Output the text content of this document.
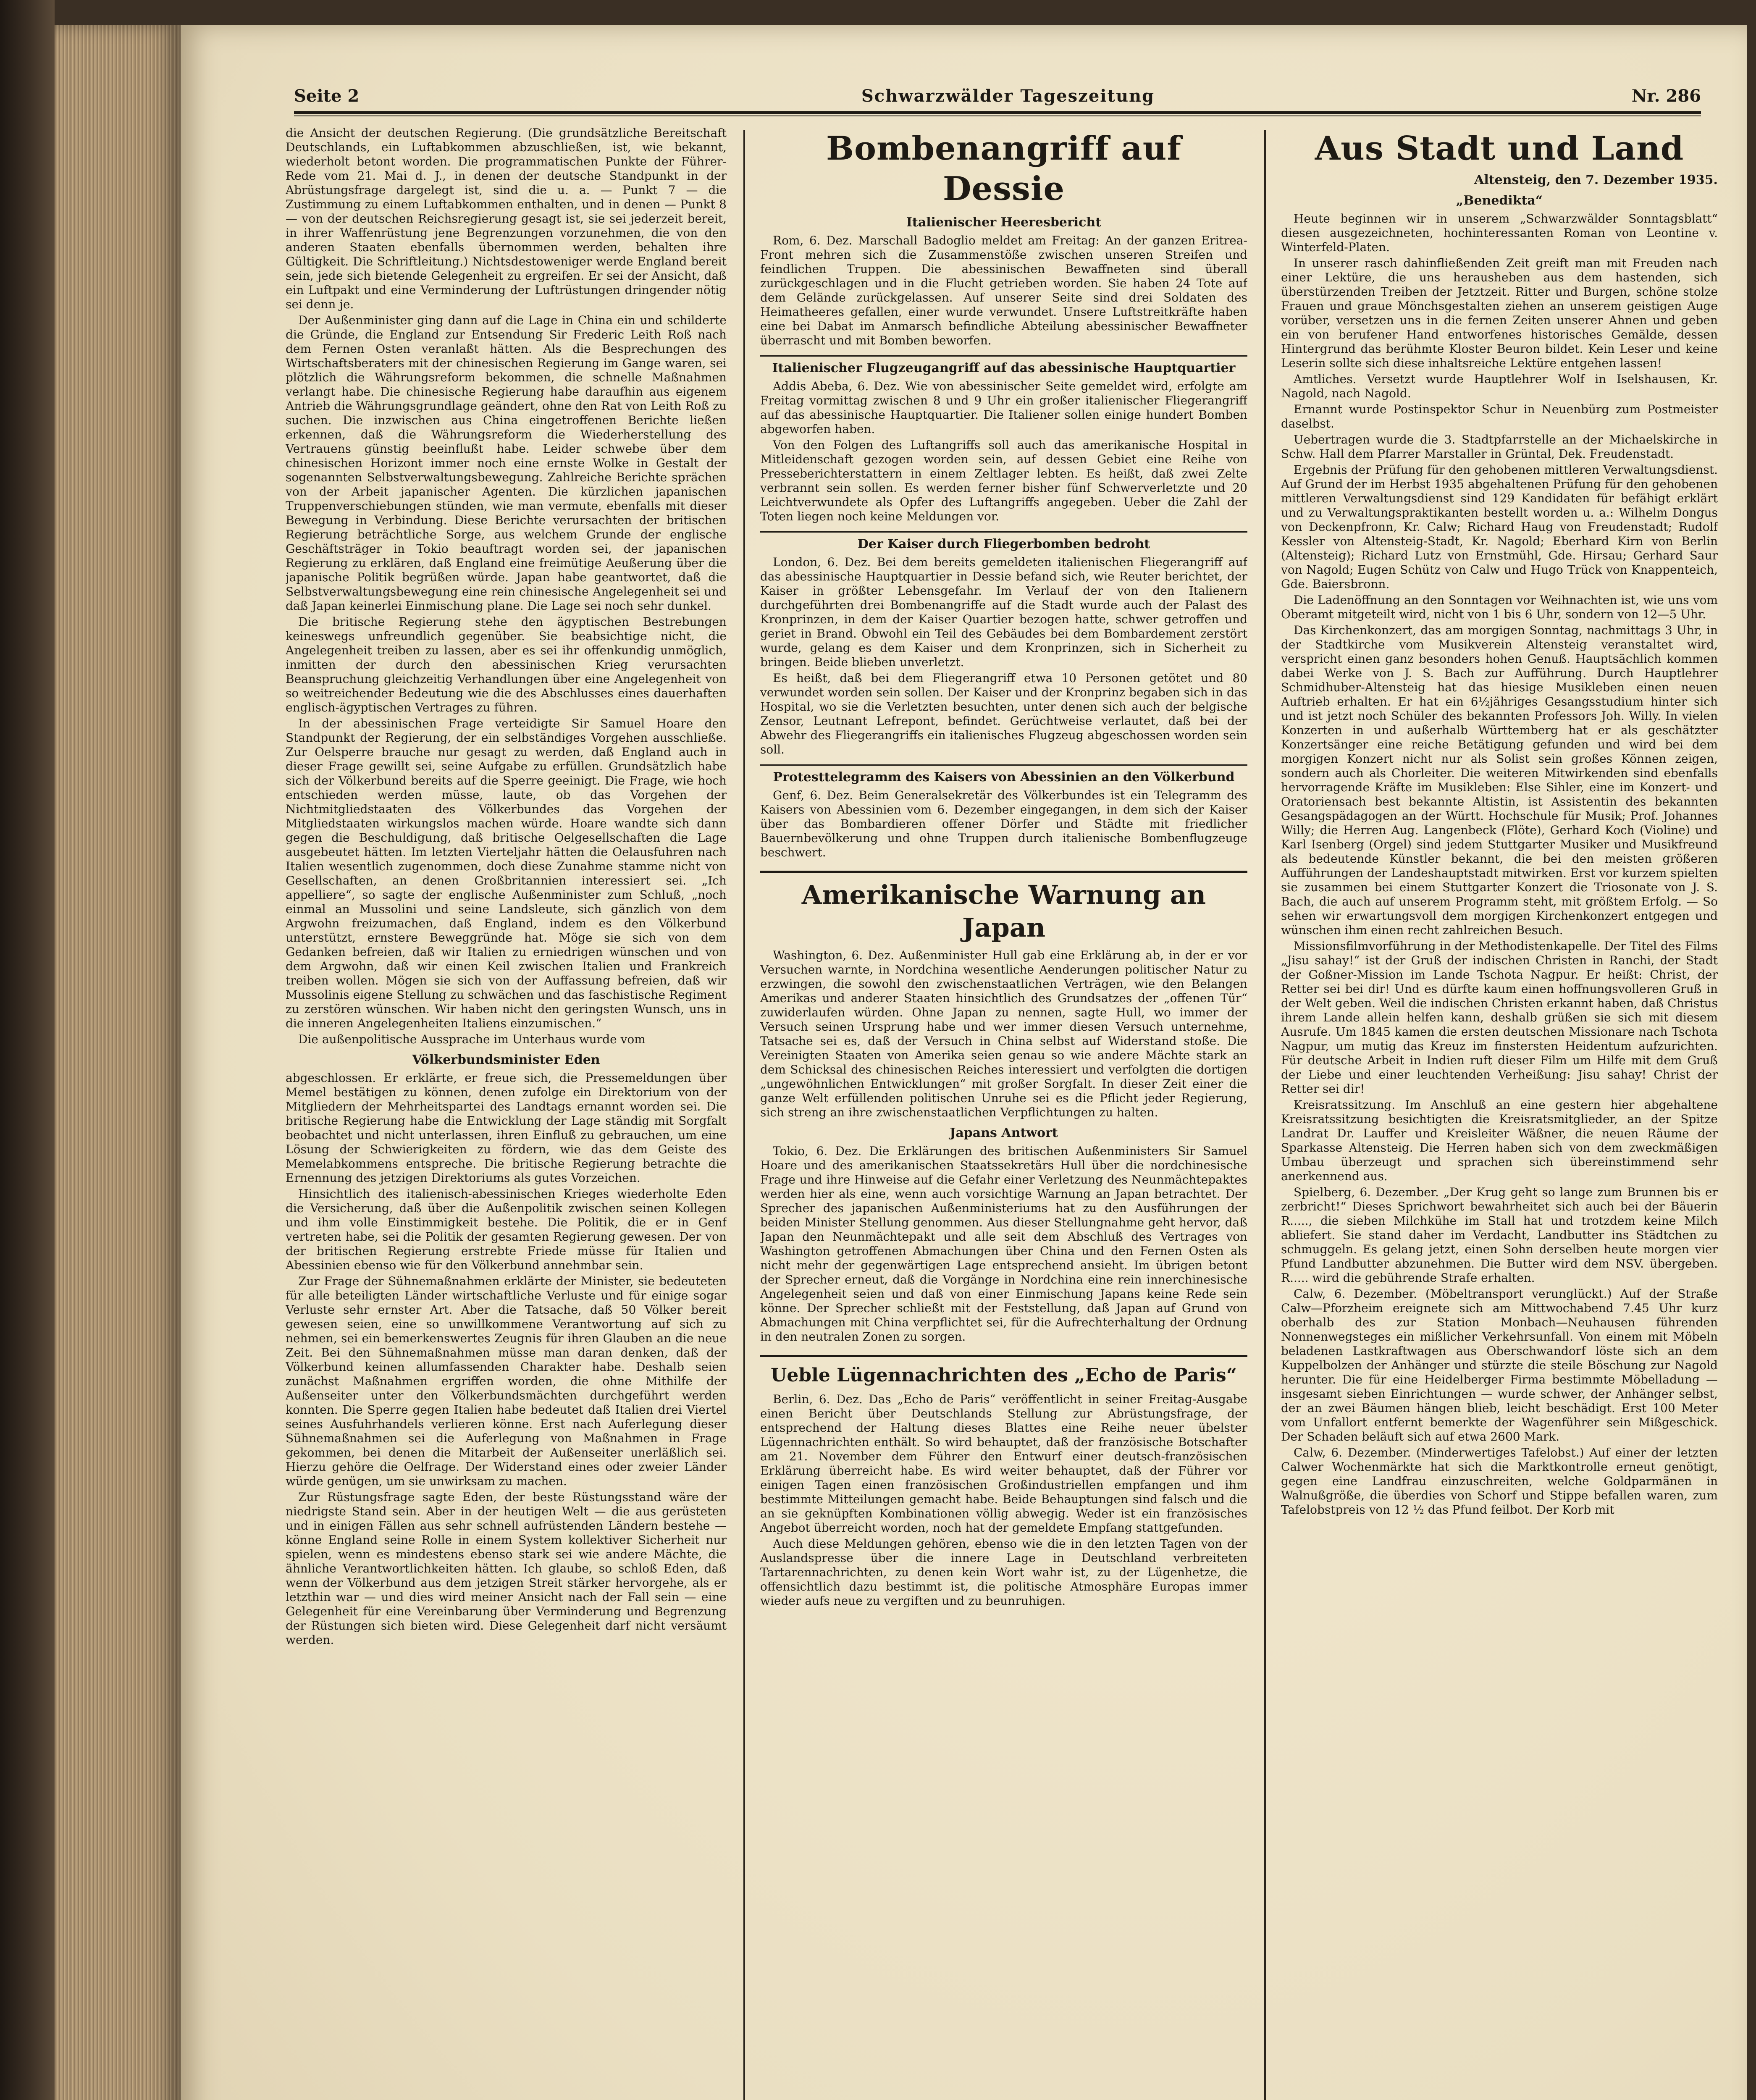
Seite 2	Schwarzwälder Tageszeitung	Nr. 286

die Ansicht der deutschen Regierung. (Die grundsätzliche Bereitschaft Deutschlands, ein Luftabkommen abzuschließen, ist, wie bekannt, wiederholt betont worden. Die programmatischen Punkte der Führer-Rede vom 21. Mai d. J., in denen der deutsche Standpunkt in der Abrüstungsfrage dargelegt ist, sind die u. a. — Punkt 7 — die Zustimmung zu einem Luftabkommen enthalten, und in denen — Punkt 8 — von der deutschen Reichsregierung gesagt ist, sie sei jederzeit bereit, in ihrer Waffenrüstung jene Begrenzungen vorzunehmen, die von den anderen Staaten ebenfalls übernommen werden, behalten ihre Gültigkeit. Die Schriftleitung.) Nichtsdestoweniger werde England bereit sein, jede sich bietende Gelegenheit zu ergreifen. Er sei der Ansicht, daß ein Luftpakt und eine Verminderung der Luftrüstungen dringender nötig sei denn je.

Der Außenminister ging dann auf die Lage in China ein und schilderte die Gründe, die England zur Entsendung Sir Frederic Leith Roß nach dem Fernen Osten veranlaßt hätten. Als die Besprechungen des Wirtschaftsberaters mit der chinesischen Regierung im Gange waren, sei plötzlich die Währungsreform bekommen, die schnelle Maßnahmen verlangt habe. Die chinesische Regierung habe daraufhin aus eigenem Antrieb die Währungsgrundlage geändert, ohne den Rat von Leith Roß zu suchen. Die inzwischen aus China eingetroffenen Berichte ließen erkennen, daß die Währungsreform die Wiederherstellung des Vertrauens günstig beeinflußt habe. Leider schwebe über dem chinesischen Horizont immer noch eine ernste Wolke in Gestalt der sogenannten Selbstverwaltungsbewegung. Zahlreiche Berichte sprächen von der Arbeit japanischer Agenten. Die kürzlichen japanischen Truppenverschiebungen stünden, wie man vermute, ebenfalls mit dieser Bewegung in Verbindung. Diese Berichte verursachten der britischen Regierung beträchtliche Sorge, aus welchem Grunde der englische Geschäftsträger in Tokio beauftragt worden sei, der japanischen Regierung zu erklären, daß England eine freimütige Aeußerung über die japanische Politik begrüßen würde. Japan habe geantwortet, daß die Selbstverwaltungsbewegung eine rein chinesische Angelegenheit sei und daß Japan keinerlei Einmischung plane. Die Lage sei noch sehr dunkel.

Die britische Regierung stehe den ägyptischen Bestrebungen keineswegs unfreundlich gegenüber. Sie beabsichtige nicht, die Angelegenheit treiben zu lassen, aber es sei ihr offenkundig unmöglich, inmitten der durch den abessinischen Krieg verursachten Beanspruchung gleichzeitig Verhandlungen über eine Angelegenheit von so weitreichender Bedeutung wie die des Abschlusses eines dauerhaften englisch-ägyptischen Vertrages zu führen.

In der abessinischen Frage verteidigte Sir Samuel Hoare den Standpunkt der Regierung, der ein selbständiges Vorgehen ausschließe. Zur Oelsperre brauche nur gesagt zu werden, daß England auch in dieser Frage gewillt sei, seine Aufgabe zu erfüllen. Grundsätzlich habe sich der Völkerbund bereits auf die Sperre geeinigt. Die Frage, wie hoch entschieden werden müsse, laute, ob das Vorgehen der Nichtmitgliedstaaten des Völkerbundes das Vorgehen der Mitgliedstaaten wirkungslos machen würde. Hoare wandte sich dann gegen die Beschuldigung, daß britische Oelgesellschaften die Lage ausgebeutet hätten. Im letzten Vierteljahr hätten die Oelausfuhren nach Italien wesentlich zugenommen, doch diese Zunahme stamme nicht von Gesellschaften, an denen Großbritannien interessiert sei. „Ich appelliere“, so sagte der englische Außenminister zum Schluß, „noch einmal an Mussolini und seine Landsleute, sich gänzlich von dem Argwohn freizumachen, daß England, indem es den Völkerbund unterstützt, ernstere Beweggründe hat. Möge sie sich von dem Gedanken befreien, daß wir Italien zu erniedrigen wünschen und von dem Argwohn, daß wir einen Keil zwischen Italien und Frankreich treiben wollen. Mögen sie sich von der Auffassung befreien, daß wir Mussolinis eigene Stellung zu schwächen und das faschistische Regiment zu zerstören wünschen. Wir haben nicht den geringsten Wunsch, uns in die inneren Angelegenheiten Italiens einzumischen.“

Die außenpolitische Aussprache im Unterhaus wurde vom

Völkerbundsminister Eden

abgeschlossen. Er erklärte, er freue sich, die Pressemeldungen über Memel bestätigen zu können, denen zufolge ein Direktorium von der Mitgliedern der Mehrheitspartei des Landtags ernannt worden sei. Die britische Regierung habe die Entwicklung der Lage ständig mit Sorgfalt beobachtet und nicht unterlassen, ihren Einfluß zu gebrauchen, um eine Lösung der Schwierigkeiten zu fördern, wie das dem Geiste des Memelabkommens entspreche. Die britische Regierung betrachte die Ernennung des jetzigen Direktoriums als gutes Vorzeichen.

Hinsichtlich des italienisch-abessinischen Krieges wiederholte Eden die Versicherung, daß über die Außenpolitik zwischen seinen Kollegen und ihm volle Einstimmigkeit bestehe. Die Politik, die er in Genf vertreten habe, sei die Politik der gesamten Regierung gewesen. Der von der britischen Regierung erstrebte Friede müsse für Italien und Abessinien ebenso wie für den Völkerbund annehmbar sein.

Zur Frage der Sühnemaßnahmen erklärte der Minister, sie bedeuteten für alle beteiligten Länder wirtschaftliche Verluste und für einige sogar Verluste sehr ernster Art. Aber die Tatsache, daß 50 Völker bereit gewesen seien, eine so unwillkommene Verantwortung auf sich zu nehmen, sei ein bemerkenswertes Zeugnis für ihren Glauben an die neue Zeit. Bei den Sühnemaßnahmen müsse man daran denken, daß der Völkerbund keinen allumfassenden Charakter habe. Deshalb seien zunächst Maßnahmen ergriffen worden, die ohne Mithilfe der Außenseiter unter den Völkerbundsmächten durchgeführt werden konnten. Die Sperre gegen Italien habe bedeutet daß Italien drei Viertel seines Ausfuhrhandels verlieren könne. Erst nach Auferlegung dieser Sühnemaßnahmen sei die Auferlegung von Maßnahmen in Frage gekommen, bei denen die Mitarbeit der Außenseiter unerläßlich sei. Hierzu gehöre die Oelfrage. Der Widerstand eines oder zweier Länder würde genügen, um sie unwirksam zu machen.

Zur Rüstungsfrage sagte Eden, der beste Rüstungsstand wäre der niedrigste Stand sein. Aber in der heutigen Welt — die aus gerüsteten und in einigen Fällen aus sehr schnell aufrüstenden Ländern bestehe — könne England seine Rolle in einem System kollektiver Sicherheit nur spielen, wenn es mindestens ebenso stark sei wie andere Mächte, die ähnliche Verantwortlichkeiten hätten. Ich glaube, so schloß Eden, daß wenn der Völkerbund aus dem jetzigen Streit stärker hervorgehe, als er letzthin war — und dies wird meiner Ansicht nach der Fall sein — eine Gelegenheit für eine Vereinbarung über Verminderung und Begrenzung der Rüstungen sich bieten wird. Diese Gelegenheit darf nicht versäumt werden.

Bombenangriff auf Dessie
Italienischer Heeresbericht

Rom, 6. Dez. Marschall Badoglio meldet am Freitag: An der ganzen Eritrea-Front mehren sich die Zusammenstöße zwischen unseren Streifen und feindlichen Truppen. Die abessinischen Bewaffneten sind überall zurückgeschlagen und in die Flucht getrieben worden. Sie haben 24 Tote auf dem Gelände zurückgelassen. Auf unserer Seite sind drei Soldaten des Heimatheeres gefallen, einer wurde verwundet. Unsere Luftstreitkräfte haben eine bei Dabat im Anmarsch befindliche Abteilung abessinischer Bewaffneter überrascht und mit Bomben beworfen.

Italienischer Flugzeugangriff auf das abessinische Hauptquartier

Addis Abeba, 6. Dez. Wie von abessinischer Seite gemeldet wird, erfolgte am Freitag vormittag zwischen 8 und 9 Uhr ein großer italienischer Fliegerangriff auf das abessinische Hauptquartier. Die Italiener sollen einige hundert Bomben abgeworfen haben.

Von den Folgen des Luftangriffs soll auch das amerikanische Hospital in Mitleidenschaft gezogen worden sein, auf dessen Gebiet eine Reihe von Presseberichterstattern in einem Zeltlager lebten. Es heißt, daß zwei Zelte verbrannt sein sollen. Es werden ferner bisher fünf Schwerverletzte und 20 Leichtverwundete als Opfer des Luftangriffs angegeben. Ueber die Zahl der Toten liegen noch keine Meldungen vor.

Der Kaiser durch Fliegerbomben bedroht

London, 6. Dez. Bei dem bereits gemeldeten italienischen Fliegerangriff auf das abessinische Hauptquartier in Dessie befand sich, wie Reuter berichtet, der Kaiser in größter Lebensgefahr. Im Verlauf der von den Italienern durchgeführten drei Bombenangriffe auf die Stadt wurde auch der Palast des Kronprinzen, in dem der Kaiser Quartier bezogen hatte, schwer getroffen und geriet in Brand. Obwohl ein Teil des Gebäudes bei dem Bombardement zerstört wurde, gelang es dem Kaiser und dem Kronprinzen, sich in Sicherheit zu bringen. Beide blieben unverletzt.

Es heißt, daß bei dem Fliegerangriff etwa 10 Personen getötet und 80 verwundet worden sein sollen. Der Kaiser und der Kronprinz begaben sich in das Hospital, wo sie die Verletzten besuchten, unter denen sich auch der belgische Zensor, Leutnant Lefrepont, befindet. Gerüchtweise verlautet, daß bei der Abwehr des Fliegerangriffs ein italienisches Flugzeug abgeschossen worden sein soll.

Protesttelegramm des Kaisers von Abessinien an den Völkerbund

Genf, 6. Dez. Beim Generalsekretär des Völkerbundes ist ein Telegramm des Kaisers von Abessinien vom 6. Dezember eingegangen, in dem sich der Kaiser über das Bombardieren offener Dörfer und Städte mit friedlicher Bauernbevölkerung und ohne Truppen durch italienische Bombenflugzeuge beschwert.

Amerikanische Warnung an Japan

Washington, 6. Dez. Außenminister Hull gab eine Erklärung ab, in der er vor Versuchen warnte, in Nordchina wesentliche Aenderungen politischer Natur zu erzwingen, die sowohl den zwischenstaatlichen Verträgen, wie den Belangen Amerikas und anderer Staaten hinsichtlich des Grundsatzes der „offenen Tür“ zuwiderlaufen würden. Ohne Japan zu nennen, sagte Hull, wo immer der Versuch seinen Ursprung habe und wer immer diesen Versuch unternehme, Tatsache sei es, daß der Versuch in China selbst auf Widerstand stoße. Die Vereinigten Staaten von Amerika seien genau so wie andere Mächte stark an dem Schicksal des chinesischen Reiches interessiert und verfolgten die dortigen „ungewöhnlichen Entwicklungen“ mit großer Sorgfalt. In dieser Zeit einer die ganze Welt erfüllenden politischen Unruhe sei es die Pflicht jeder Regierung, sich streng an ihre zwischenstaatlichen Verpflichtungen zu halten.

Japans Antwort

Tokio, 6. Dez. Die Erklärungen des britischen Außenministers Sir Samuel Hoare und des amerikanischen Staatssekretärs Hull über die nordchinesische Frage und ihre Hinweise auf die Gefahr einer Verletzung des Neunmächtepaktes werden hier als eine, wenn auch vorsichtige Warnung an Japan betrachtet. Der Sprecher des japanischen Außenministeriums hat zu den Ausführungen der beiden Minister Stellung genommen. Aus dieser Stellungnahme geht hervor, daß Japan den Neunmächtepakt und alle seit dem Abschluß des Vertrages von Washington getroffenen Abmachungen über China und den Fernen Osten als nicht mehr der gegenwärtigen Lage entsprechend ansieht. Im übrigen betont der Sprecher erneut, daß die Vorgänge in Nordchina eine rein innerchinesische Angelegenheit seien und daß von einer Einmischung Japans keine Rede sein könne. Der Sprecher schließt mit der Feststellung, daß Japan auf Grund von Abmachungen mit China verpflichtet sei, für die Aufrechterhaltung der Ordnung in den neutralen Zonen zu sorgen.

Ueble Lügennachrichten des „Echo de Paris“

Berlin, 6. Dez. Das „Echo de Paris“ veröffentlicht in seiner Freitag-Ausgabe einen Bericht über Deutschlands Stellung zur Abrüstungsfrage, der entsprechend der Haltung dieses Blattes eine Reihe neuer übelster Lügennachrichten enthält. So wird behauptet, daß der französische Botschafter am 21. November dem Führer den Entwurf einer deutsch-französischen Erklärung überreicht habe. Es wird weiter behauptet, daß der Führer vor einigen Tagen einen französischen Großindustriellen empfangen und ihm bestimmte Mitteilungen gemacht habe. Beide Behauptungen sind falsch und die an sie geknüpften Kombinationen völlig abwegig. Weder ist ein französisches Angebot überreicht worden, noch hat der gemeldete Empfang stattgefunden.

Auch diese Meldungen gehören, ebenso wie die in den letzten Tagen von der Auslandspresse über die innere Lage in Deutschland verbreiteten Tartarennachrichten, zu denen kein Wort wahr ist, zu der Lügenhetze, die offensichtlich dazu bestimmt ist, die politische Atmosphäre Europas immer wieder aufs neue zu vergiften und zu beunruhigen.

Aus Stadt und Land
Altensteig, den 7. Dezember 1935.
„Benedikta“

Heute beginnen wir in unserem „Schwarzwälder Sonntagsblatt“ diesen ausgezeichneten, hochinteressanten Roman von Leontine v. Winterfeld-Platen.

In unserer rasch dahinfließenden Zeit greift man mit Freuden nach einer Lektüre, die uns herausheben aus dem hastenden, sich überstürzenden Treiben der Jetztzeit. Ritter und Burgen, schöne stolze Frauen und graue Mönchsgestalten ziehen an unserem geistigen Auge vorüber, versetzen uns in die fernen Zeiten unserer Ahnen und geben ein von berufener Hand entworfenes historisches Gemälde, dessen Hintergrund das berühmte Kloster Beuron bildet. Kein Leser und keine Leserin sollte sich diese inhaltsreiche Lektüre entgehen lassen!

Amtliches. Versetzt wurde Hauptlehrer Wolf in Iselshausen, Kr. Nagold, nach Nagold.

Ernannt wurde Postinspektor Schur in Neuenbürg zum Postmeister daselbst.

Uebertragen wurde die 3. Stadtpfarrstelle an der Michaelskirche in Schw. Hall dem Pfarrer Marstaller in Grüntal, Dek. Freudenstadt.

Ergebnis der Prüfung für den gehobenen mittleren Verwaltungsdienst. Auf Grund der im Herbst 1935 abgehaltenen Prüfung für den gehobenen mittleren Verwaltungsdienst sind 129 Kandidaten für befähigt erklärt und zu Verwaltungspraktikanten bestellt worden u. a.: Wilhelm Dongus von Deckenpfronn, Kr. Calw; Richard Haug von Freudenstadt; Rudolf Kessler von Altensteig-Stadt, Kr. Nagold; Eberhard Kirn von Berlin (Altensteig); Richard Lutz von Ernstmühl, Gde. Hirsau; Gerhard Saur von Nagold; Eugen Schütz von Calw und Hugo Trück von Knappenteich, Gde. Baiersbronn.

Die Ladenöffnung an den Sonntagen vor Weihnachten ist, wie uns vom Oberamt mitgeteilt wird, nicht von 1 bis 6 Uhr, sondern von 12—5 Uhr.

Das Kirchenkonzert, das am morgigen Sonntag, nachmittags 3 Uhr, in der Stadtkirche vom Musikverein Altensteig veranstaltet wird, verspricht einen ganz besonders hohen Genuß. Hauptsächlich kommen dabei Werke von J. S. Bach zur Aufführung. Durch Hauptlehrer Schmidhuber-Altensteig hat das hiesige Musikleben einen neuen Auftrieb erhalten. Er hat ein 6½jähriges Gesangsstudium hinter sich und ist jetzt noch Schüler des bekannten Professors Joh. Willy. In vielen Konzerten in und außerhalb Württemberg hat er als geschätzter Konzertsänger eine reiche Betätigung gefunden und wird bei dem morgigen Konzert nicht nur als Solist sein großes Können zeigen, sondern auch als Chorleiter. Die weiteren Mitwirkenden sind ebenfalls hervorragende Kräfte im Musikleben: Else Sihler, eine im Konzert- und Oratoriensach best bekannte Altistin, ist Assistentin des bekannten Gesangspädagogen an der Württ. Hochschule für Musik; Prof. Johannes Willy; die Herren Aug. Langenbeck (Flöte), Gerhard Koch (Violine) und Karl Isenberg (Orgel) sind jedem Stuttgarter Musiker und Musikfreund als bedeutende Künstler bekannt, die bei den meisten größeren Aufführungen der Landeshauptstadt mitwirken. Erst vor kurzem spielten sie zusammen bei einem Stuttgarter Konzert die Triosonate von J. S. Bach, die auch auf unserem Programm steht, mit größtem Erfolg. — So sehen wir erwartungsvoll dem morgigen Kirchenkonzert entgegen und wünschen ihm einen recht zahlreichen Besuch.

Missionsfilmvorführung in der Methodistenkapelle. Der Titel des Films „Jisu sahay!“ ist der Gruß der indischen Christen in Ranchi, der Stadt der Goßner-Mission im Lande Tschota Nagpur. Er heißt: Christ, der Retter sei bei dir! Und es dürfte kaum einen hoffnungsvolleren Gruß in der Welt geben. Weil die indischen Christen erkannt haben, daß Christus ihrem Lande allein helfen kann, deshalb grüßen sie sich mit diesem Ausrufe. Um 1845 kamen die ersten deutschen Missionare nach Tschota Nagpur, um mutig das Kreuz im finstersten Heidentum aufzurichten. Für deutsche Arbeit in Indien ruft dieser Film um Hilfe mit dem Gruß der Liebe und einer leuchtenden Verheißung: Jisu sahay! Christ der Retter sei dir!

Kreisratssitzung. Im Anschluß an eine gestern hier abgehaltene Kreisratssitzung besichtigten die Kreisratsmitglieder, an der Spitze Landrat Dr. Lauffer und Kreisleiter Wäßner, die neuen Räume der Sparkasse Altensteig. Die Herren haben sich von dem zweckmäßigen Umbau überzeugt und sprachen sich übereinstimmend sehr anerkennend aus.

Spielberg, 6. Dezember. „Der Krug geht so lange zum Brunnen bis er zerbricht!“ Dieses Sprichwort bewahrheitet sich auch bei der Bäuerin R....., die sieben Milchkühe im Stall hat und trotzdem keine Milch abliefert. Sie stand daher im Verdacht, Landbutter ins Städtchen zu schmuggeln. Es gelang jetzt, einen Sohn derselben heute morgen vier Pfund Landbutter abzunehmen. Die Butter wird dem NSV. übergeben. R..... wird die gebührende Strafe erhalten.

Calw, 6. Dezember. (Möbeltransport verunglückt.) Auf der Straße Calw—Pforzheim ereignete sich am Mittwochabend 7.45 Uhr kurz oberhalb des zur Station Monbach—Neuhausen führenden Nonnenwegsteges ein mißlicher Verkehrsunfall. Von einem mit Möbeln beladenen Lastkraftwagen aus Oberschwandorf löste sich an dem Kuppelbolzen der Anhänger und stürzte die steile Böschung zur Nagold herunter. Die für eine Heidelberger Firma bestimmte Möbelladung — insgesamt sieben Einrichtungen — wurde schwer, der Anhänger selbst, der an zwei Bäumen hängen blieb, leicht beschädigt. Erst 100 Meter vom Unfallort entfernt bemerkte der Wagenführer sein Mißgeschick. Der Schaden beläuft sich auf etwa 2600 Mark.

Calw, 6. Dezember. (Minderwertiges Tafelobst.) Auf einer der letzten Calwer Wochenmärkte hat sich die Marktkontrolle erneut genötigt, gegen eine Landfrau einzuschreiten, welche Goldparmänen in Walnußgröße, die überdies von Schorf und Stippe befallen waren, zum Tafelobstpreis von 12 ½ das Pfund feilbot. Der Korb mit
